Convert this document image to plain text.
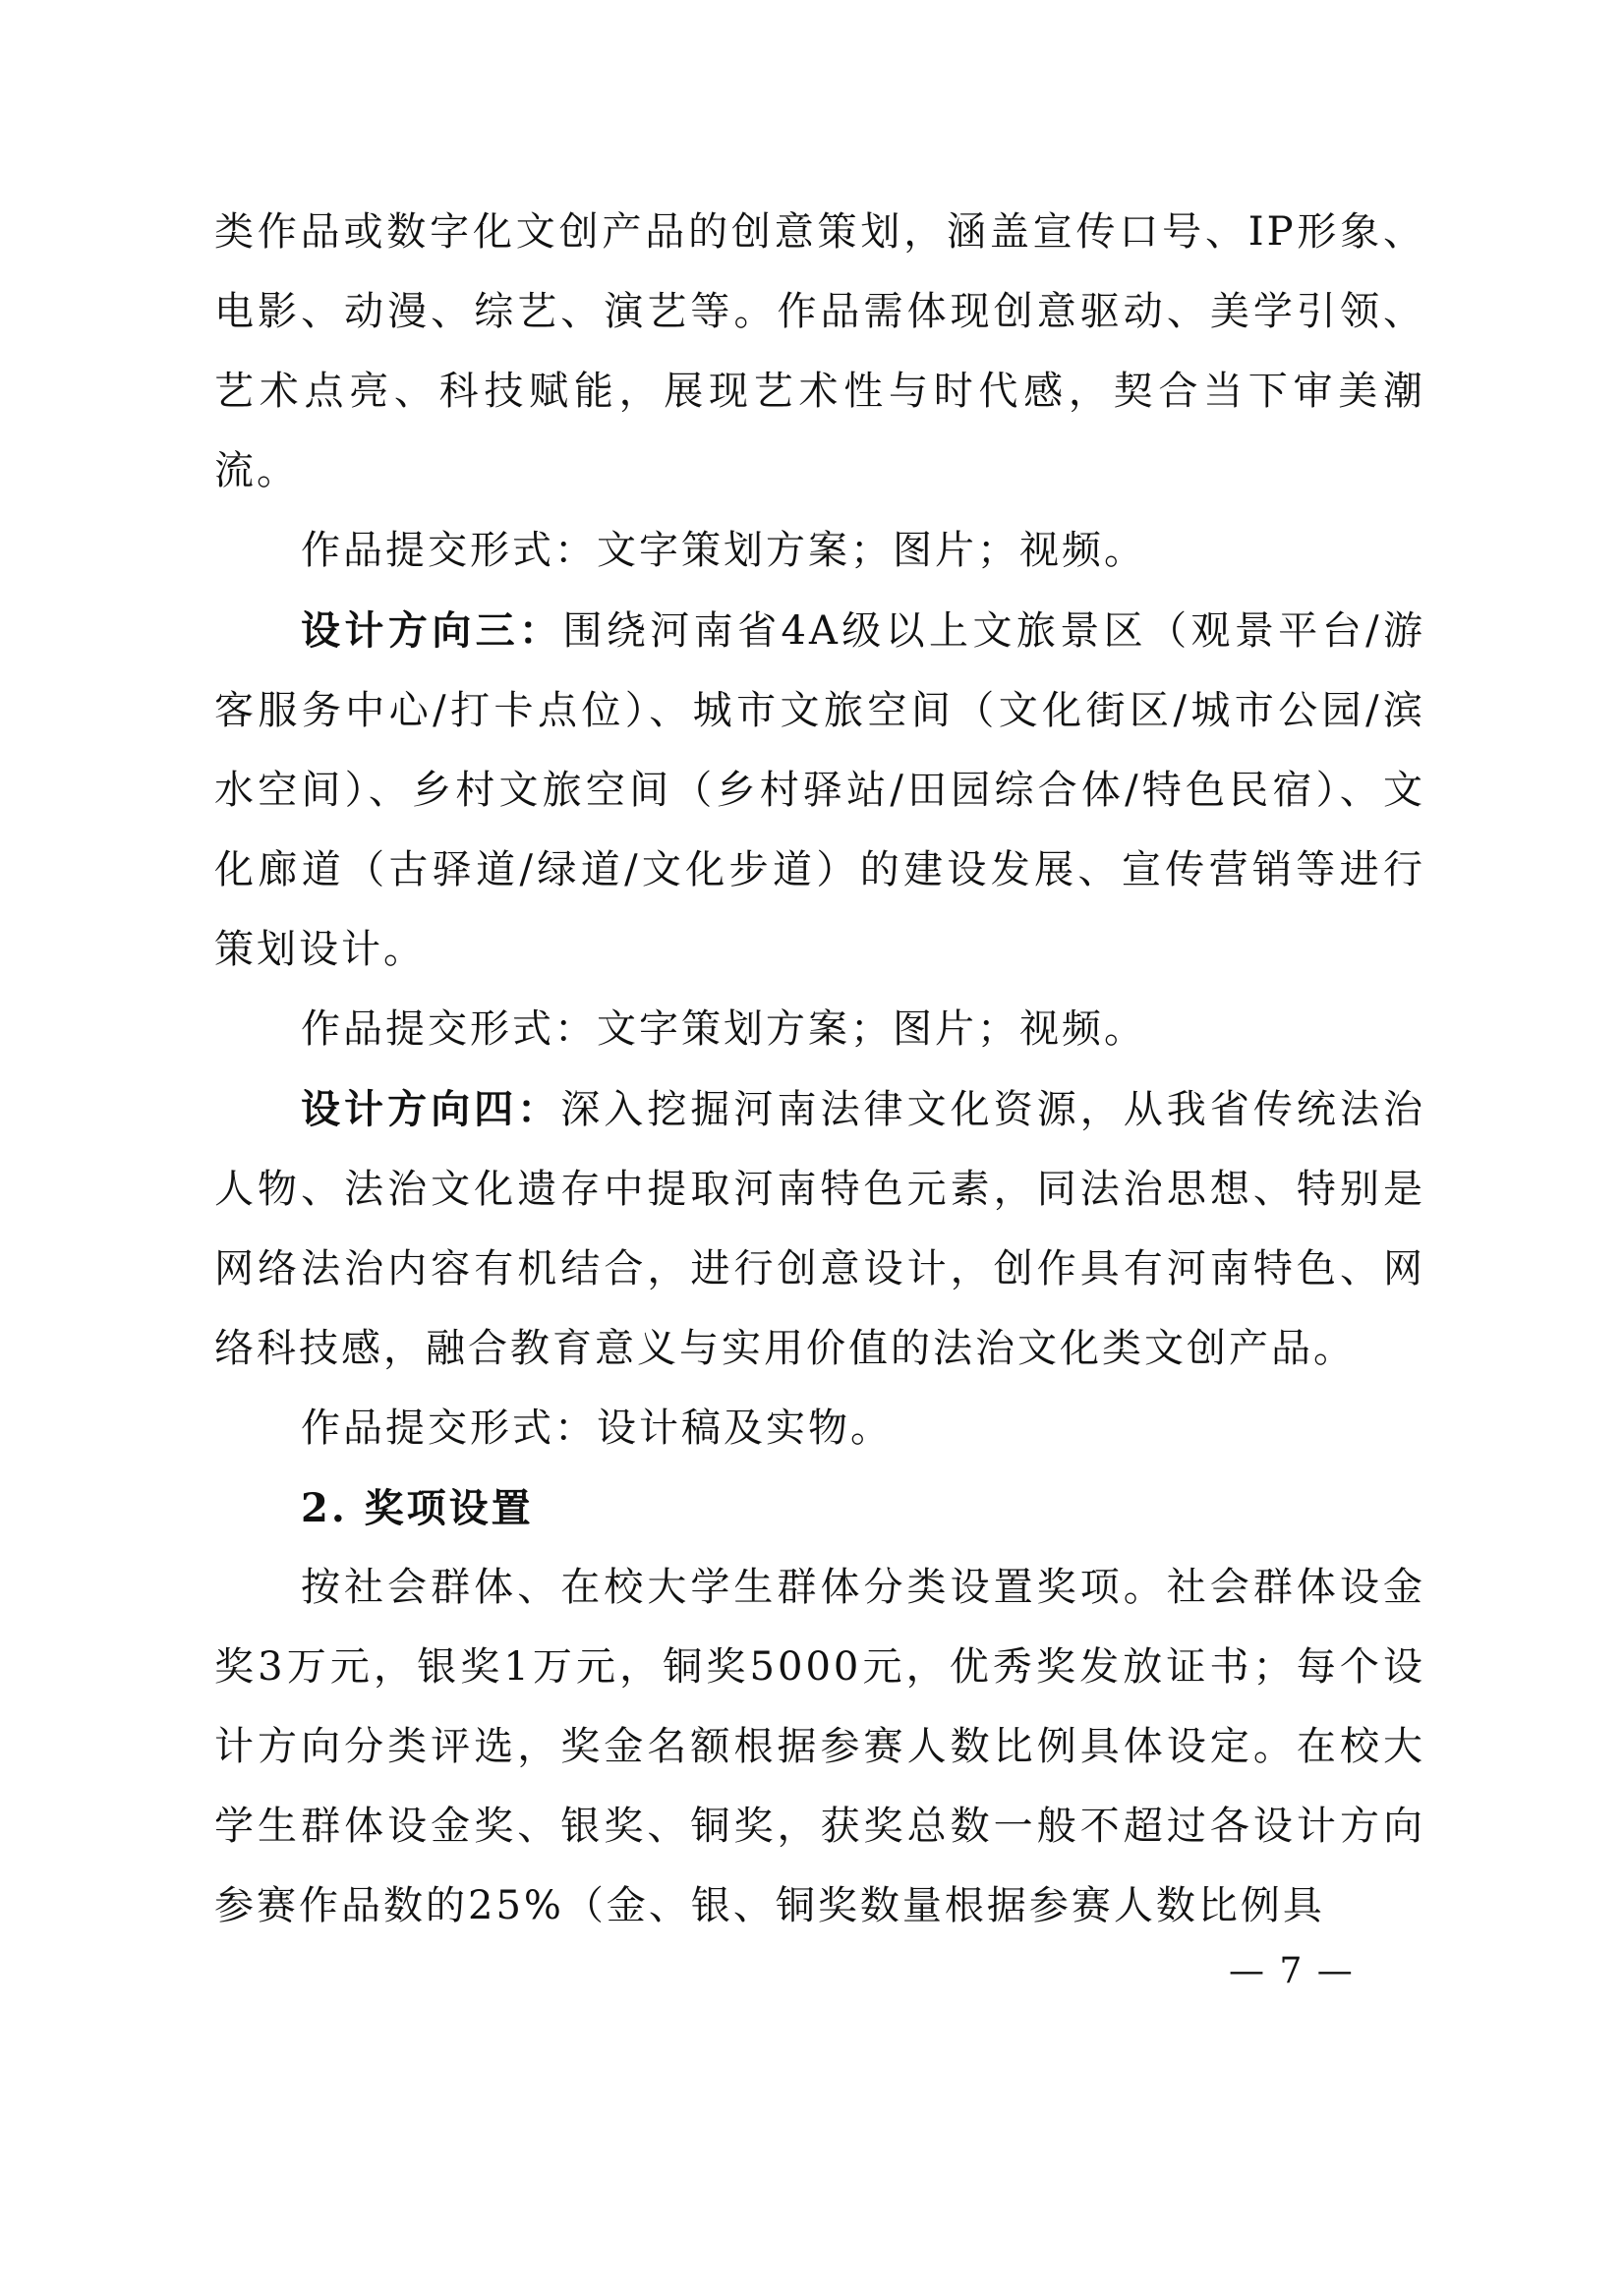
类作品或数字化文创产品的创意策划，涵盖宣传口号、IP形象、电影、动漫、综艺、演艺等。作品需体现创意驱动、美学引领、艺术点亮、科技赋能，展现艺术性与时代感，契合当下审美潮流。

作品提交形式：文字策划方案；图片；视频。

设计方向三：围绕河南省4A级以上文旅景区（观景平台/游客服务中心/打卡点位）、城市文旅空间（文化街区/城市公园/滨水空间）、乡村文旅空间（乡村驿站/田园综合体/特色民宿）、文化廊道（古驿道/绿道/文化步道）的建设发展、宣传营销等进行策划设计。

作品提交形式：文字策划方案；图片；视频。

设计方向四：深入挖掘河南法律文化资源，从我省传统法治人物、法治文化遗存中提取河南特色元素，同法治思想、特别是网络法治内容有机结合，进行创意设计，创作具有河南特色、网络科技感，融合教育意义与实用价值的法治文化类文创产品。

作品提交形式：设计稿及实物。

2. 奖项设置

按社会群体、在校大学生群体分类设置奖项。社会群体设金奖3万元，银奖1万元，铜奖5000元，优秀奖发放证书；每个设计方向分类评选，奖金名额根据参赛人数比例具体设定。在校大学生群体设金奖、银奖、铜奖，获奖总数一般不超过各设计方向参赛作品数的25%（金、银、铜奖数量根据参赛人数比例具

— 7 —
